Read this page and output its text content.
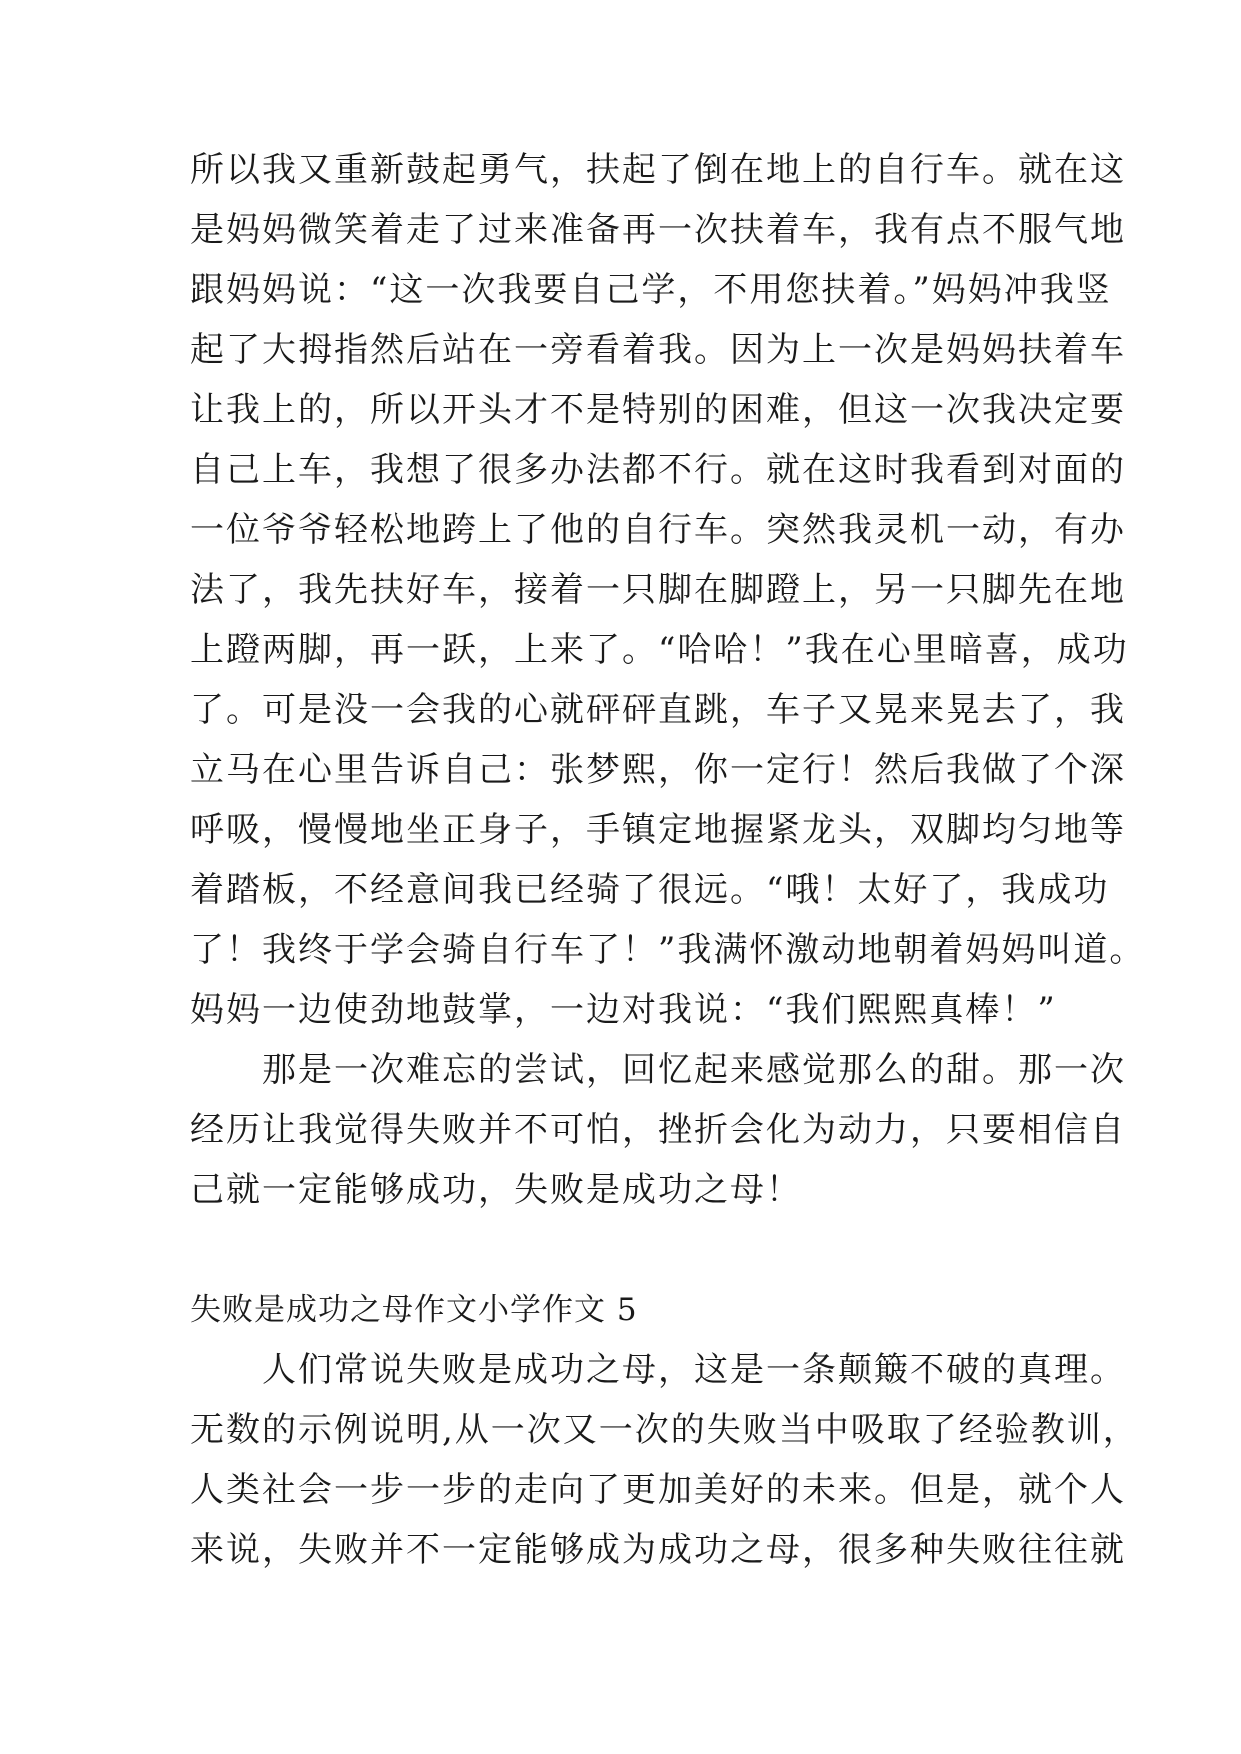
所以我又重新鼓起勇气，扶起了倒在地上的自行车。就在这
是妈妈微笑着走了过来准备再一次扶着车，我有点不服气地
跟妈妈说：“这一次我要自己学，不用您扶着。”妈妈冲我竖
起了大拇指然后站在一旁看着我。因为上一次是妈妈扶着车
让我上的，所以开头才不是特别的困难，但这一次我决定要
自己上车，我想了很多办法都不行。就在这时我看到对面的
一位爷爷轻松地跨上了他的自行车。突然我灵机一动，有办
法了，我先扶好车，接着一只脚在脚蹬上，另一只脚先在地
上蹬两脚，再一跃，上来了。“哈哈！”我在心里暗喜，成功
了。可是没一会我的心就砰砰直跳，车子又晃来晃去了，我
立马在心里告诉自己：张梦熙，你一定行！然后我做了个深
呼吸，慢慢地坐正身子，手镇定地握紧龙头，双脚均匀地等
着踏板，不经意间我已经骑了很远。“哦！太好了，我成功
了！我终于学会骑自行车了！”我满怀激动地朝着妈妈叫道。
妈妈一边使劲地鼓掌，一边对我说：“我们熙熙真棒！”
　　那是一次难忘的尝试，回忆起来感觉那么的甜。那一次
经历让我觉得失败并不可怕，挫折会化为动力，只要相信自
己就一定能够成功，失败是成功之母！
失败是成功之母作文小学作文 5
　　人们常说失败是成功之母，这是一条颠簸不破的真理。
无数的示例说明,从一次又一次的失败当中吸取了经验教训，
人类社会一步一步的走向了更加美好的未来。但是，就个人
来说，失败并不一定能够成为成功之母，很多种失败往往就
